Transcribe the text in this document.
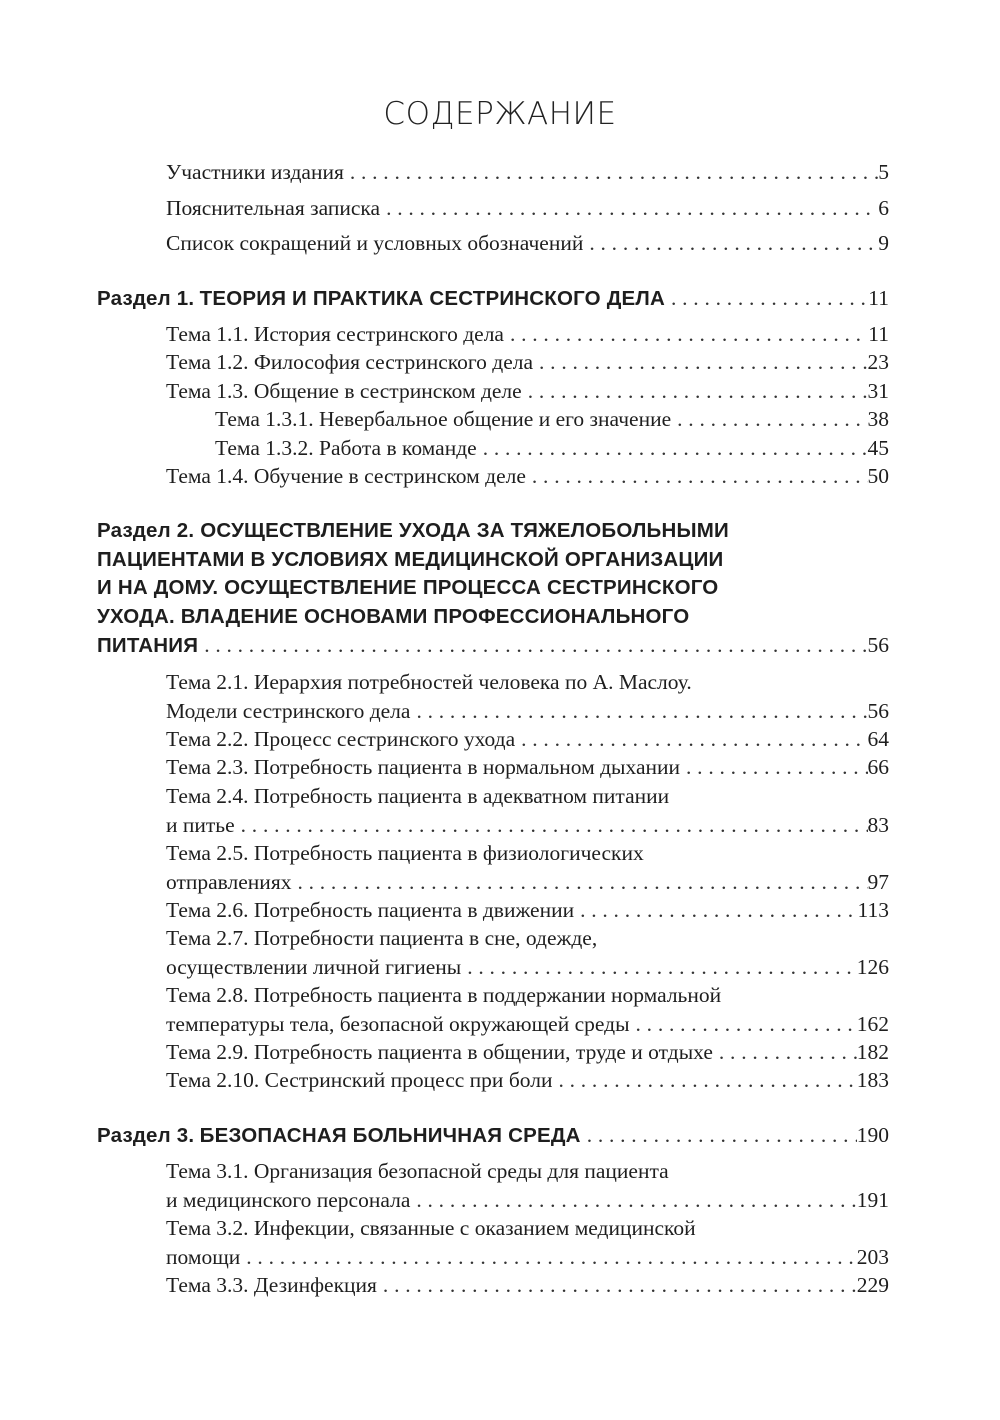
СОДЕРЖАНИЕ
Участники издания . . .	5
Пояснительная записка . . .	6
Список сокращений и условных обозначений . . .	9
Раздел 1. ТЕОРИЯ И ПРАКТИКА СЕСТРИНСКОГО ДЕЛА . . .	11
Тема 1.1. История сестринского дела . . .	11
Тема 1.2. Философия сестринского дела . . .	23
Тема 1.3. Общение в сестринском деле . . .	31
Тема 1.3.1. Невербальное общение и его значение . . .	38
Тема 1.3.2. Работа в команде . . .	45
Тема 1.4. Обучение в сестринском деле . . .	50
Раздел 2. ОСУЩЕСТВЛЕНИЕ УХОДА ЗА ТЯЖЕЛОБОЛЬНЫМИ
ПАЦИЕНТАМИ В УСЛОВИЯХ МЕДИЦИНСКОЙ ОРГАНИЗАЦИИ
И НА ДОМУ. ОСУЩЕСТВЛЕНИЕ ПРОЦЕССА СЕСТРИНСКОГО
УХОДА. ВЛАДЕНИЕ ОСНОВАМИ ПРОФЕССИОНАЛЬНОГО
ПИТАНИЯ . . .	56
Тема 2.1. Иерархия потребностей человека по А. Маслоу.
Модели сестринского дела . . .	56
Тема 2.2. Процесс сестринского ухода . . .	64
Тема 2.3. Потребность пациента в нормальном дыхании . . .	66
Тема 2.4. Потребность пациента в адекватном питании
и питье . . .	83
Тема 2.5. Потребность пациента в физиологических
отправлениях . . .	97
Тема 2.6. Потребность пациента в движении . . .	113
Тема 2.7. Потребности пациента в сне, одежде,
осуществлении личной гигиены . . .	126
Тема 2.8. Потребность пациента в поддержании нормальной
температуры тела, безопасной окружающей среды . . .	162
Тема 2.9. Потребность пациента в общении, труде и отдыхе . . .	182
Тема 2.10. Сестринский процесс при боли . . .	183
Раздел 3. БЕЗОПАСНАЯ БОЛЬНИЧНАЯ СРЕДА . . .	190
Тема 3.1. Организация безопасной среды для пациента
и медицинского персонала . . .	191
Тема 3.2. Инфекции, связанные с оказанием медицинской
помощи . . .	203
Тема 3.3. Дезинфекция . . .	229
